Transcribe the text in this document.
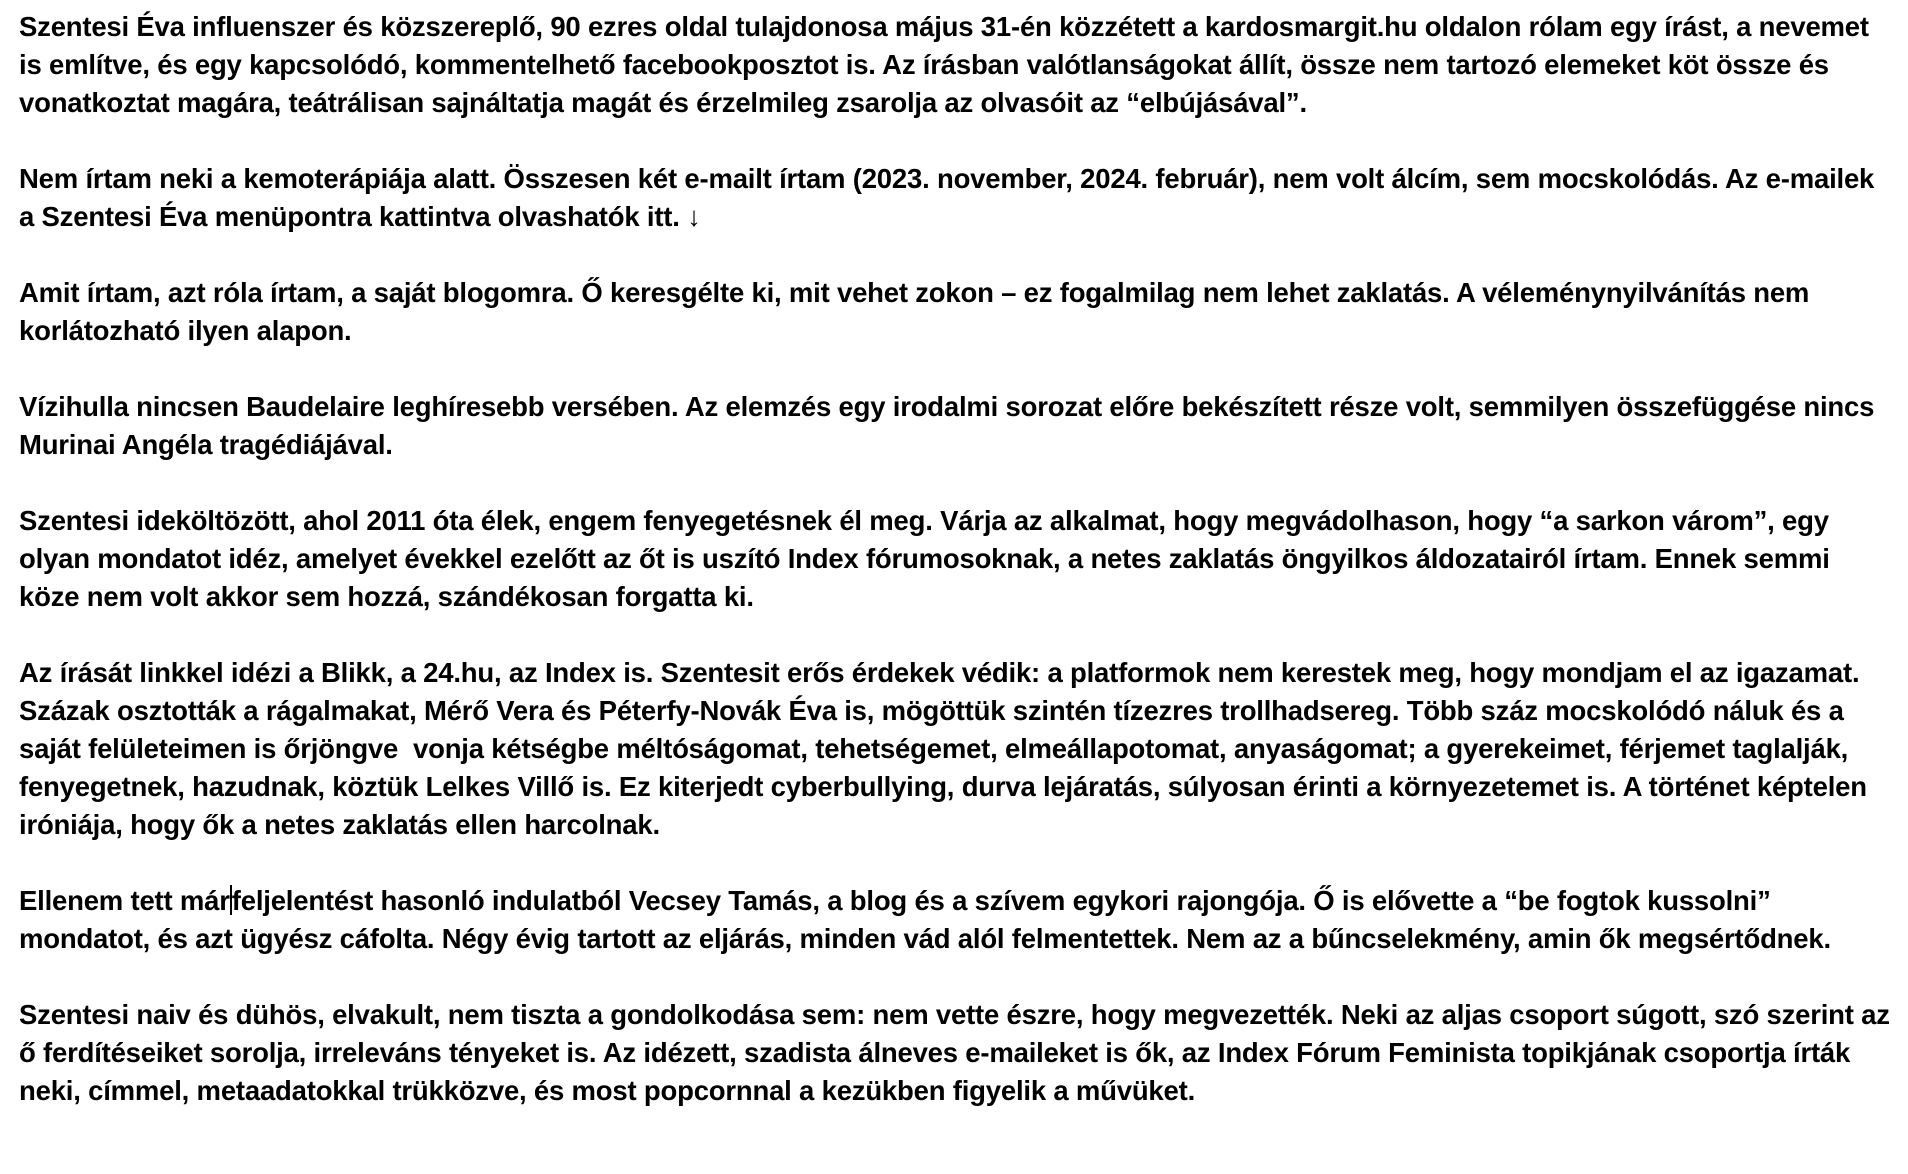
Szentesi Éva influenszer és közszereplő, 90 ezres oldal tulajdonosa május 31-én közzétett a kardosmargit.hu oldalon rólam egy írást, a nevemet is említve, és egy kapcsolódó, kommentelhető facebookposztot is. Az írásban valótlanságokat állít, össze nem tartozó elemeket köt össze és vonatkoztat magára, teátrálisan sajnáltatja magát és érzelmileg zsarolja az olvasóit az “elbújásával”.

Nem írtam neki a kemoterápiája alatt. Összesen két e-mailt írtam (2023. november, 2024. február), nem volt álcím, sem mocskolódás. Az e-mailek a Szentesi Éva menüpontra kattintva olvashatók itt. ↓

Amit írtam, azt róla írtam, a saját blogomra. Ő keresgélte ki, mit vehet zokon – ez fogalmilag nem lehet zaklatás. A véleménynyilvánítás nem korlátozható ilyen alapon.

Vízihulla nincsen Baudelaire leghíresebb versében. Az elemzés egy irodalmi sorozat előre bekészített része volt, semmilyen összefüggése nincs Murinai Angéla tragédiájával.

Szentesi ideköltözött, ahol 2011 óta élek, engem fenyegetésnek él meg. Várja az alkalmat, hogy megvádolhason, hogy “a sarkon várom”, egy olyan mondatot idéz, amelyet évekkel ezelőtt az őt is uszító Index fórumosoknak, a netes zaklatás öngyilkos áldozatairól írtam. Ennek semmi köze nem volt akkor sem hozzá, szándékosan forgatta ki.

Az írását linkkel idézi a Blikk, a 24.hu, az Index is. Szentesit erős érdekek védik: a platformok nem kerestek meg, hogy mondjam el az igazamat. Százak osztották a rágalmakat, Mérő Vera és Péterfy-Novák Éva is, mögöttük szintén tízezres trollhadsereg. Több száz mocskolódó náluk és a saját felületeimen is őrjöngve  vonja kétségbe méltóságomat, tehetségemet, elmeállapotomat, anyaságomat; a gyerekeimet, férjemet taglalják, fenyegetnek, hazudnak, köztük Lelkes Villő is. Ez kiterjedt cyberbullying, durva lejáratás, súlyosan érinti a környezetemet is. A történet képtelen iróniája, hogy ők a netes zaklatás ellen harcolnak.

Ellenem tett márfeljelentést hasonló indulatból Vecsey Tamás, a blog és a szívem egykori rajongója. Ő is elővette a “be fogtok kussolni” mondatot, és azt ügyész cáfolta. Négy évig tartott az eljárás, minden vád alól felmentettek. Nem az a bűncselekmény, amin ők megsértődnek.

Szentesi naiv és dühös, elvakult, nem tiszta a gondolkodása sem: nem vette észre, hogy megvezették. Neki az aljas csoport súgott, szó szerint az ő ferdítéseiket sorolja, irreleváns tényeket is. Az idézett, szadista álneves e-maileket is ők, az Index Fórum Feminista topikjának csoportja írták neki, címmel, metaadatokkal trükközve, és most popcornnal a kezükben figyelik a művüket.
